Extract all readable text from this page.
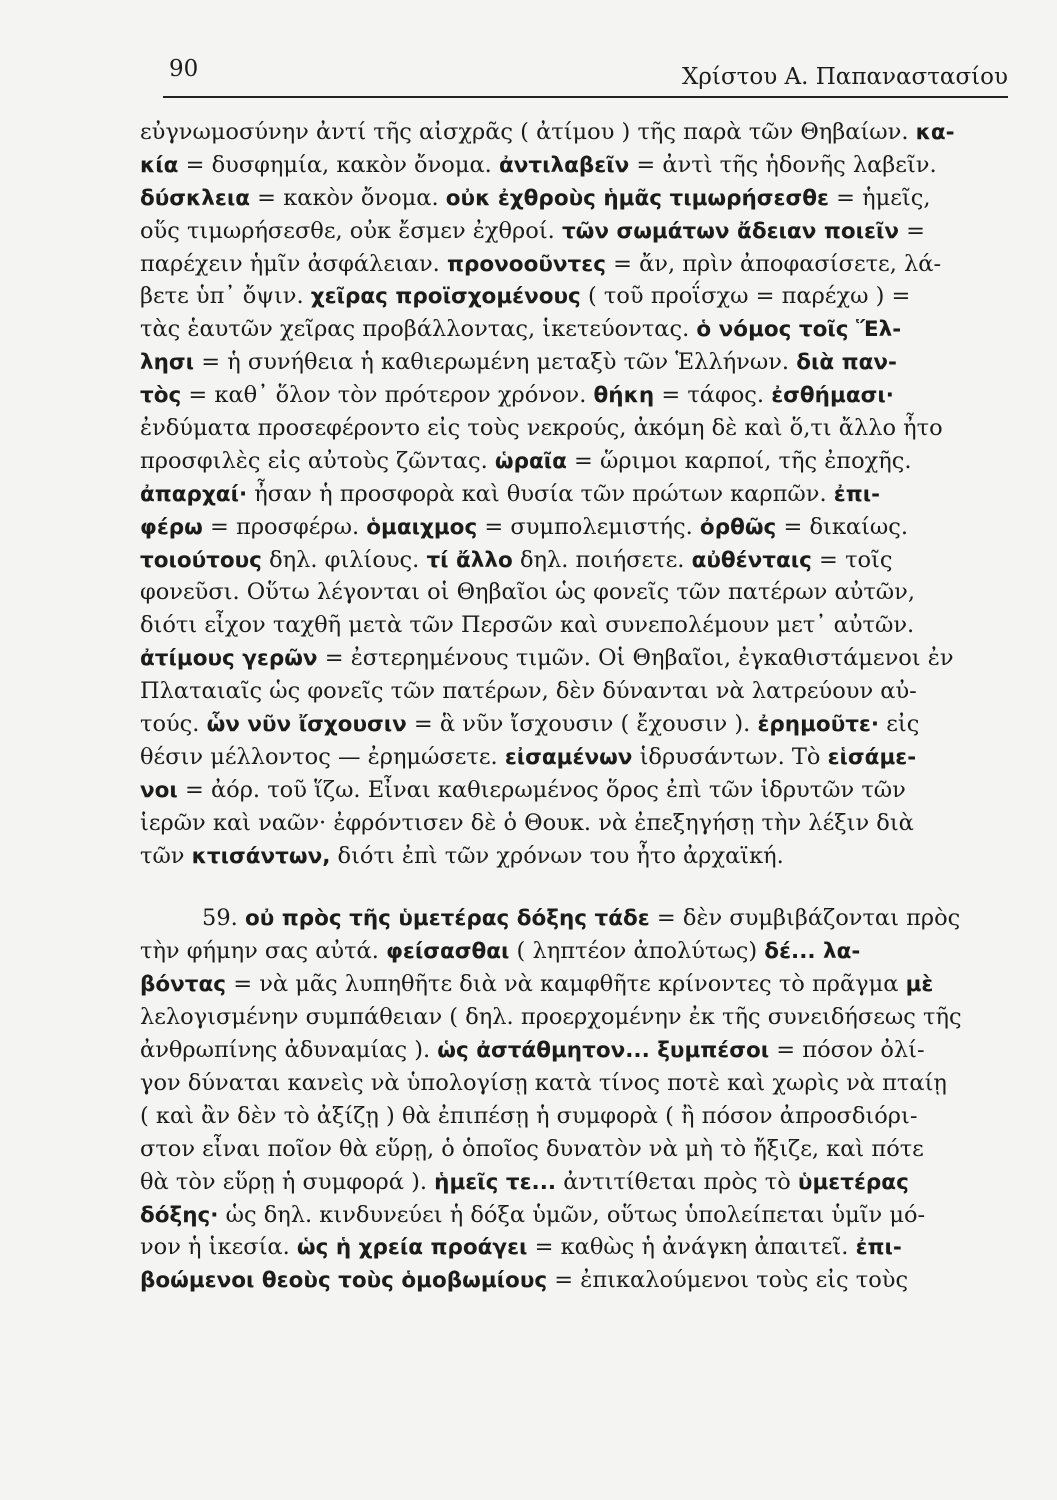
90	Χρίστου Α. Παπαναστασίου
εὐγνωμοσύνην ἀντί τῆς αἰσχρᾶς ( ἀτίμου ) τῆς παρὰ τῶν Θηβαίων. κα-
κία = δυσφημία, κακὸν ὄνομα. ἀντιλαβεῖν = ἀντὶ τῆς ἡδονῆς λαβεῖν.
δύσκλεια = κακὸν ὄνομα. οὐκ ἐχθροὺς ἡμᾶς τιμωρήσεσθε = ἡμεῖς,
οὕς τιμωρήσεσθε, οὐκ ἔσμεν ἐχθροί. τῶν σωμάτων ἄδειαν ποιεῖν =
παρέχειν ἡμῖν ἀσφάλειαν. προνοοῦντες = ἄν, πρὶν ἀποφασίσετε, λά-
βετε ὑπ᾽ ὄψιν. χεῖρας προϊσχομένους ( τοῦ προΐσχω = παρέχω ) =
τὰς ἑαυτῶν χεῖρας προβάλλοντας, ἱκετεύοντας. ὁ νόμος τοῖς Ἕλ-
λησι = ἡ συνήθεια ἡ καθιερωμένη μεταξὺ τῶν Ἑλλήνων. διὰ παν-
τὸς = καθ᾽ ὅλον τὸν πρότερον χρόνον. θήκη = τάφος. ἐσθήμασι·
ἐνδύματα προσεφέροντο εἰς τοὺς νεκρούς, ἀκόμη δὲ καὶ ὅ,τι ἄλλο ἦτο
προσφιλὲς εἰς αὐτοὺς ζῶντας. ὡραῖα = ὥριμοι καρποί, τῆς ἐποχῆς.
ἀπαρχαί· ἦσαν ἡ προσφορὰ καὶ θυσία τῶν πρώτων καρπῶν. ἐπι-
φέρω = προσφέρω. ὁμαιχμος = συμπολεμιστής. ὀρθῶς = δικαίως.
τοιούτους δηλ. φιλίους. τί ἄλλο δηλ. ποιήσετε. αὐθένταις = τοῖς
φονεῦσι. Οὕτω λέγονται οἱ Θηβαῖοι ὡς φονεῖς τῶν πατέρων αὐτῶν,
διότι εἶχον ταχθῆ μετὰ τῶν Περσῶν καὶ συνεπολέμουν μετ᾽ αὐτῶν.
ἀτίμους γερῶν = ἐστερημένους τιμῶν. Οἱ Θηβαῖοι, ἐγκαθιστάμενοι ἐν
Πλαταιαῖς ὡς φονεῖς τῶν πατέρων, δὲν δύνανται νὰ λατρεύουν αὐ-
τούς. ὧν νῦν ἴσχουσιν = ἃ νῦν ἴσχουσιν ( ἔχουσιν ). ἐρημοῦτε· εἰς
θέσιν μέλλοντος — ἐρημώσετε. εἰσαμένων ἱδρυσάντων. Τὸ εἱσάμε-
νοι = ἀόρ. τοῦ ἵζω. Εἶναι καθιερωμένος ὅρος ἐπὶ τῶν ἱδρυτῶν τῶν
ἱερῶν καὶ ναῶν· ἐφρόντισεν δὲ ὁ Θουκ. νὰ ἐπεξηγήσῃ τὴν λέξιν διὰ
τῶν κτισάντων, διότι ἐπὶ τῶν χρόνων του ἦτο ἀρχαϊκή.
59. οὐ πρὸς τῆς ὑμετέρας δόξης τάδε = δὲν συμβιβάζονται πρὸς
τὴν φήμην σας αὐτά. φείσασθαι ( ληπτέον ἀπολύτως) δέ... λα-
βόντας = νὰ μᾶς λυπηθῆτε διὰ νὰ καμφθῆτε κρίνοντες τὸ πρᾶγμα μὲ
λελογισμένην συμπάθειαν ( δηλ. προερχομένην ἐκ τῆς συνειδήσεως τῆς
ἀνθρωπίνης ἀδυναμίας ). ὡς ἀστάθμητον... ξυμπέσοι = πόσον ὀλί-
γον δύναται κανεὶς νὰ ὑπολογίσῃ κατὰ τίνος ποτὲ καὶ χωρὶς νὰ πταίῃ
( καὶ ἂν δὲν τὸ ἀξίζῃ ) θὰ ἐπιπέσῃ ἡ συμφορὰ ( ἢ πόσον ἀπροσδιόρι-
στον εἶναι ποῖον θὰ εὕρῃ, ὁ ὁποῖος δυνατὸν νὰ μὴ τὸ ἤξιζε, καὶ πότε
θὰ τὸν εὕρῃ ἡ συμφορά ). ἡμεῖς τε... ἀντιτίθεται πρὸς τὸ ὑμετέρας
δόξης· ὡς δηλ. κινδυνεύει ἡ δόξα ὑμῶν, οὕτως ὑπολείπεται ὑμῖν μό-
νον ἡ ἱκεσία. ὡς ἡ χρεία προάγει = καθὼς ἡ ἀνάγκη ἀπαιτεῖ. ἐπι-
βοώμενοι θεοὺς τοὺς ὁμοβωμίους = ἐπικαλούμενοι τοὺς εἰς τοὺς
